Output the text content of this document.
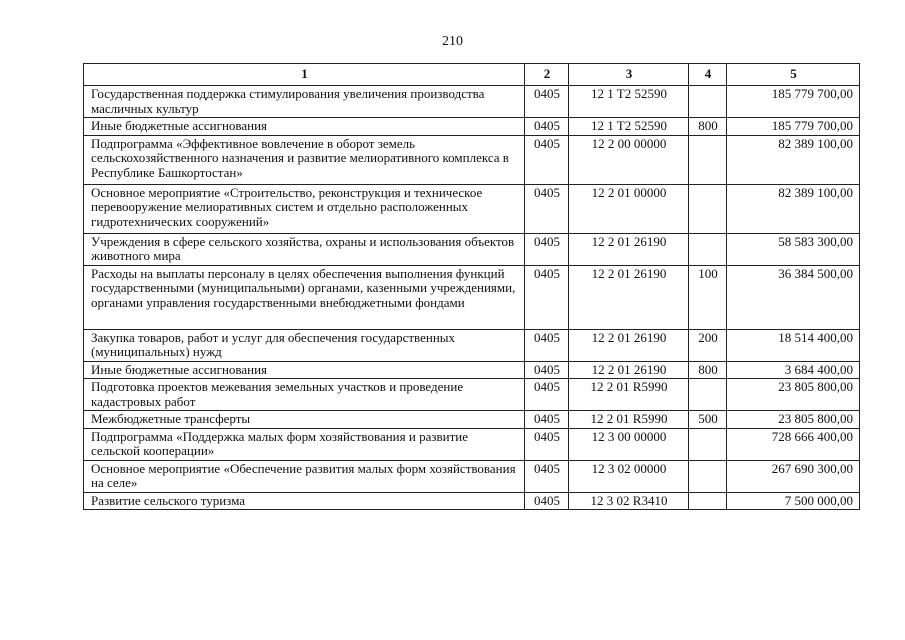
210
1	2	3	4	5
Государственная поддержка стимулирования увеличения производства масличных культур	0405	12 1 T2 52590		185 779 700,00
Иные бюджетные ассигнования	0405	12 1 T2 52590	800	185 779 700,00
Подпрограмма «Эффективное вовлечение в оборот земель сельскохозяйственного назначения и развитие мелиоративного комплекса в Республике Башкортостан»	0405	12 2 00 00000		82 389 100,00
Основное мероприятие «Строительство, реконструкция и техническое перевооружение мелиоративных систем и отдельно расположенных гидротехнических сооружений»	0405	12 2 01 00000		82 389 100,00
Учреждения в сфере сельского хозяйства, охраны и использования объектов животного мира	0405	12 2 01 26190		58 583 300,00
Расходы на выплаты персоналу в целях обеспечения выполнения функций государственными (муниципальными) органами, казенными учреждениями, органами управления государственными внебюджетными фондами	0405	12 2 01 26190	100	36 384 500,00
Закупка товаров, работ и услуг для обеспечения государственных (муниципальных) нужд	0405	12 2 01 26190	200	18 514 400,00
Иные бюджетные ассигнования	0405	12 2 01 26190	800	3 684 400,00
Подготовка проектов межевания земельных участков и проведение кадастровых работ	0405	12 2 01 R5990		23 805 800,00
Межбюджетные трансферты	0405	12 2 01 R5990	500	23 805 800,00
Подпрограмма «Поддержка малых форм хозяйствования и развитие сельской кооперации»	0405	12 3 00 00000		728 666 400,00
Основное мероприятие «Обеспечение развития малых форм хозяйствования на селе»	0405	12 3 02 00000		267 690 300,00
Развитие сельского туризма	0405	12 3 02 R3410		7 500 000,00
